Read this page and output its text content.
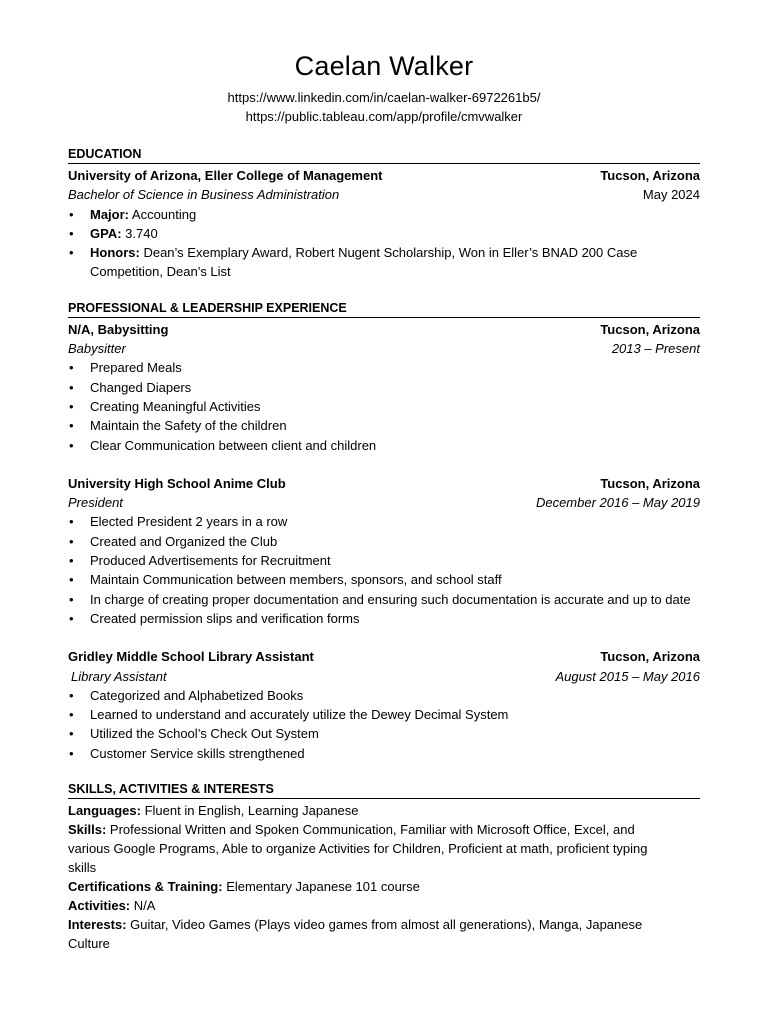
Caelan Walker
https://www.linkedin.com/in/caelan-walker-6972261b5/
https://public.tableau.com/app/profile/cmvwalker
EDUCATION
University of Arizona, Eller College of Management	Tucson, Arizona
Bachelor of Science in Business Administration	May 2024
• Major: Accounting
• GPA: 3.740
• Honors: Dean’s Exemplary Award, Robert Nugent Scholarship, Won in Eller’s BNAD 200 Case Competition, Dean’s List
PROFESSIONAL & LEADERSHIP EXPERIENCE
N/A, Babysitting	Tucson, Arizona
Babysitter	2013 – Present
• Prepared Meals
• Changed Diapers
• Creating Meaningful Activities
• Maintain the Safety of the children
• Clear Communication between client and children
University High School Anime Club	Tucson, Arizona
President	December 2016 – May 2019
• Elected President 2 years in a row
• Created and Organized the Club
• Produced Advertisements for Recruitment
• Maintain Communication between members, sponsors, and school staff
• In charge of creating proper documentation and ensuring such documentation is accurate and up to date
• Created permission slips and verification forms
Gridley Middle School Library Assistant	Tucson, Arizona
Library Assistant	August 2015 – May 2016
• Categorized and Alphabetized Books
• Learned to understand and accurately utilize the Dewey Decimal System
• Utilized the School’s Check Out System
• Customer Service skills strengthened
SKILLS, ACTIVITIES & INTERESTS
Languages: Fluent in English, Learning Japanese
Skills: Professional Written and Spoken Communication, Familiar with Microsoft Office, Excel, and various Google Programs, Able to organize Activities for Children, Proficient at math, proficient typing skills
Certifications & Training: Elementary Japanese 101 course
Activities: N/A
Interests: Guitar, Video Games (Plays video games from almost all generations), Manga, Japanese Culture
